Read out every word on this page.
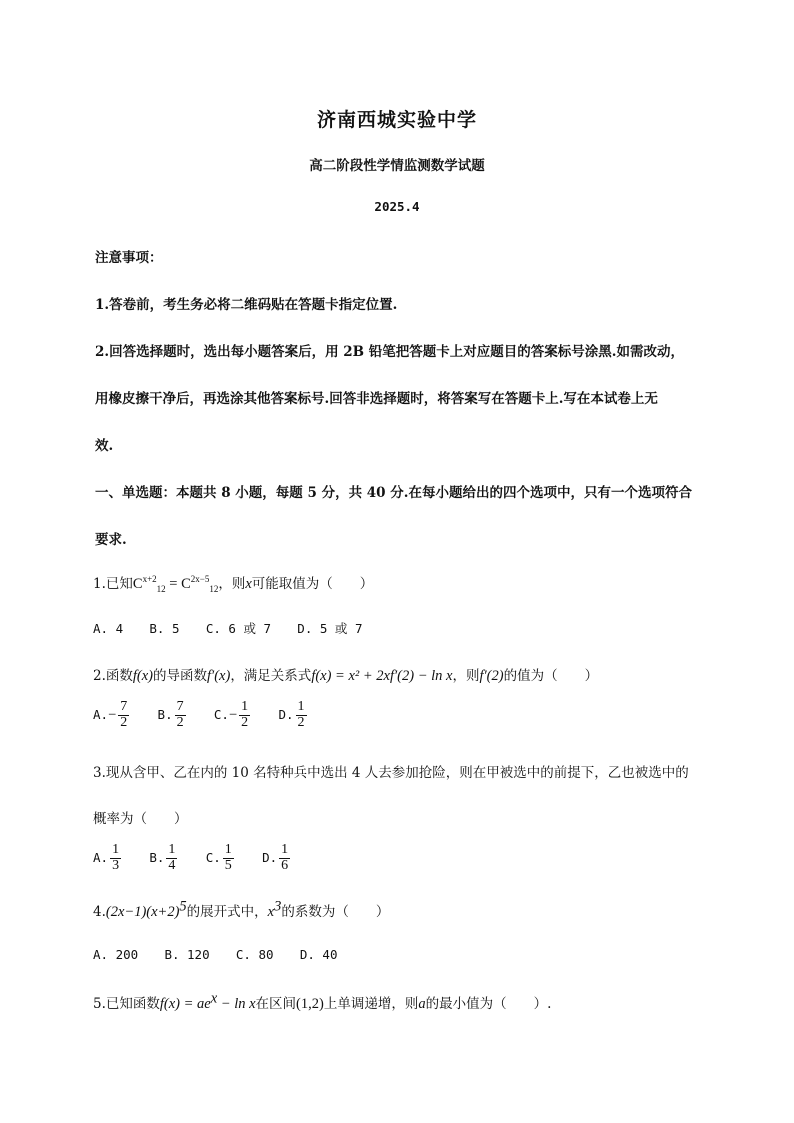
济南西城实验中学
高二阶段性学情监测数学试题
2025.4
注意事项：
1.答卷前，考生务必将二维码贴在答题卡指定位置.
2.回答选择题时，选出每小题答案后，用 2B 铅笔把答题卡上对应题目的答案标号涂黑.如需改动，
用橡皮擦干净后，再选涂其他答案标号.回答非选择题时，将答案写在答题卡上.写在本试卷上无
效.
一、单选题：本题共 8 小题，每题 5 分，共 40 分.在每小题给出的四个选项中，只有一个选项符合
要求.
1.已知$C^{x+2}_{12} = C^{2x-5}_{12}$，则x可能取值为（　　）
A. 4 B. 5 C. 6 或 7 D. 5 或 7
2.函数f(x)的导函数f′(x)，满足关系式f(x) = x² + 2xf′(2) − ln x，则f′(2)的值为（　　）
$A.- \frac{7}{2} B$. $\frac{7}{2} C.- \frac{1}{2} D$. $\frac{1}{2}$
3.现从含甲、乙在内的 10 名特种兵中选出 4 人去参加抢险，则在甲被选中的前提下，乙也被选中的
概率为（　　）
A. $\frac{1}{3} B$. $\frac{1}{4} C$. $\frac{1}{5} D$. $\frac{1}{6}$
$4.(2x-1)(x+2)^5$的展开式中，$x^3$的系数为（　　）
A. 200 B. 120 C. 80 D. 40
5.已知函数$f(x) = ae^x - \ln x$在区间(1,2)上单调递增，则a的最小值为（　　）.
